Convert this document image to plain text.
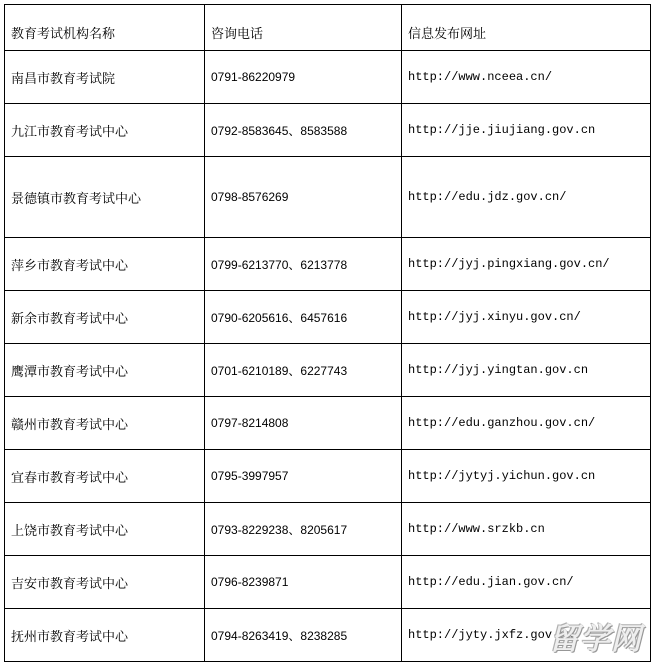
教育考试机构名称	咨询电话	信息发布网址
南昌市教育考试院	0791-86220979	http://www.nceea.cn/
九江市教育考试中心	0792-8583645、8583588	http://jje.jiujiang.gov.cn
景德镇市教育考试中心	0798-8576269	http://edu.jdz.gov.cn/
萍乡市教育考试中心	0799-6213770、6213778	http://jyj.pingxiang.gov.cn/
新余市教育考试中心	0790-6205616、6457616	http://jyj.xinyu.gov.cn/
鹰潭市教育考试中心	0701-6210189、6227743	http://jyj.yingtan.gov.cn
赣州市教育考试中心	0797-8214808	http://edu.ganzhou.gov.cn/
宜春市教育考试中心	0795-3997957	http://jytyj.yichun.gov.cn
上饶市教育考试中心	0793-8229238、8205617	http://www.srzkb.cn
吉安市教育考试中心	0796-8239871	http://edu.jian.gov.cn/
抚州市教育考试中心	0794-8263419、8238285	http://jyty.jxfz.gov.cn/
留学网
